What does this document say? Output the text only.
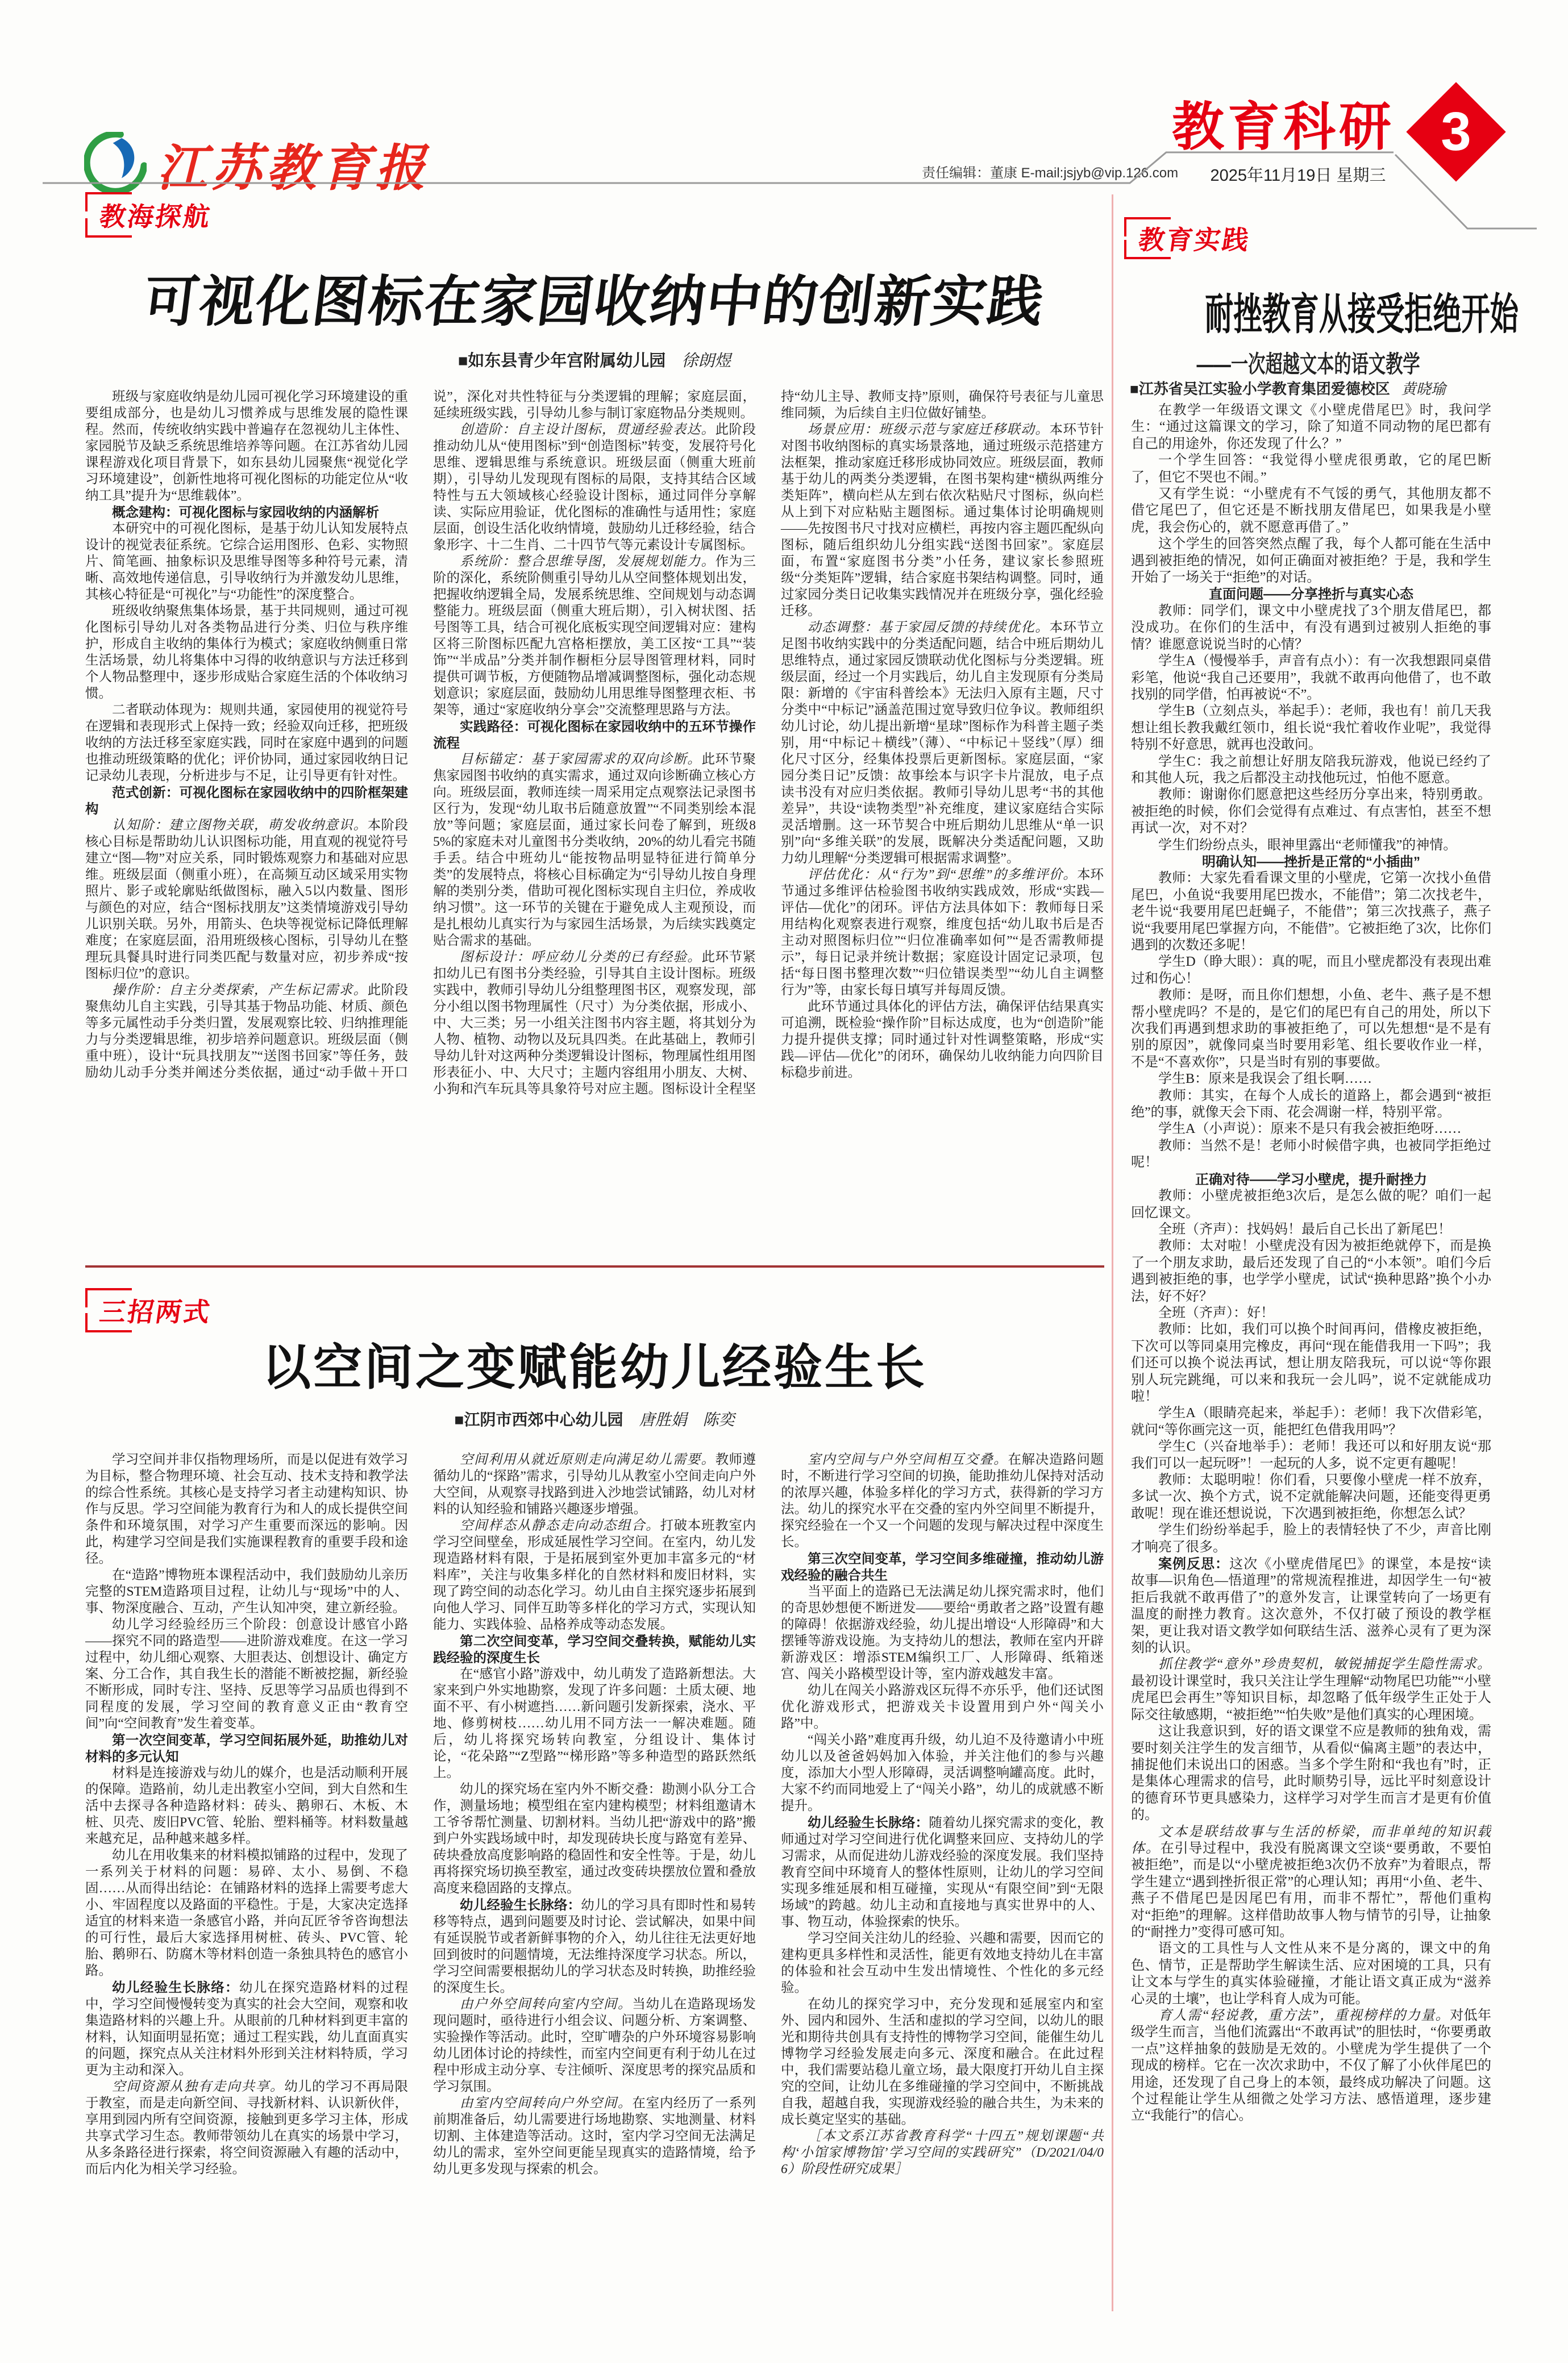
江苏教育报	责任编辑：董康 E-mail:jsjyb@vip.126.com
教育科研 3
2025年11月19日 星期三
教海探航
可视化图标在家园收纳中的创新实践
■如东县青少年宫附属幼儿园 徐朗煜

班级与家庭收纳是幼儿园可视化学习环境建设的重要组成部分，也是幼儿习惯养成与思维发展的隐性课程。然而，传统收纳实践中普遍存在忽视幼儿主体性、家园脱节及缺乏系统思维培养等问题。在江苏省幼儿园课程游戏化项目背景下，如东县幼儿园聚焦“视觉化学习环境建设”，创新性地将可视化图标的功能定位从“收纳工具”提升为“思维载体”。

概念建构：可视化图标与家园收纳的内涵解析

本研究中的可视化图标，是基于幼儿认知发展特点设计的视觉表征系统。它综合运用图形、色彩、实物照片、简笔画、抽象标识及思维导图等多种符号元素，清晰、高效地传递信息，引导收纳行为并激发幼儿思维，其核心特征是“可视化”与“功能性”的深度整合。

班级收纳聚焦集体场景，基于共同规则，通过可视化图标引导幼儿对各类物品进行分类、归位与秩序维护，形成自主收纳的集体行为模式；家庭收纳侧重日常生活场景，幼儿将集体中习得的收纳意识与方法迁移到个人物品整理中，逐步形成贴合家庭生活的个体收纳习惯。

二者联动体现为：规则共通，家园使用的视觉符号在逻辑和表现形式上保持一致；经验双向迁移，把班级收纳的方法迁移至家庭实践，同时在家庭中遇到的问题也推动班级策略的优化；评价协同，通过家园收纳日记记录幼儿表现，分析进步与不足，让引导更有针对性。

范式创新：可视化图标在家园收纳中的四阶框架建构

认知阶：建立图物关联，萌发收纳意识。本阶段核心目标是帮助幼儿认识图标功能，用直观的视觉符号建立“图—物”对应关系，同时锻炼观察力和基础对应思维。班级层面（侧重小班），在高频互动区域采用实物照片、影子或轮廓贴纸做图标，融入5以内数量、图形与颜色的对应，结合“图标找朋友”这类情境游戏引导幼儿识别关联。另外，用箭头、色块等视觉标记降低理解难度；在家庭层面，沿用班级核心图标，引导幼儿在整理玩具餐具时进行同类匹配与数量对应，初步养成“按图标归位”的意识。

操作阶：自主分类探索，产生标记需求。此阶段聚焦幼儿自主实践，引导其基于物品功能、材质、颜色等多元属性动手分类归置，发展观察比较、归纳推理能力与分类逻辑思维，初步培养问题意识。班级层面（侧重中班），设计“玩具找朋友”“送图书回家”等任务，鼓励幼儿动手分类并阐述分类依据，通过“动手做＋开口说”，深化对共性特征与分类逻辑的理解；家庭层面，延续班级实践，引导幼儿参与制订家庭物品分类规则。

创造阶：自主设计图标，贯通经验表达。此阶段推动幼儿从“使用图标”到“创造图标”转变，发展符号化思维、逻辑思维与系统意识。班级层面（侧重大班前期），引导幼儿发现现有图标的局限，支持其结合区域特性与五大领域核心经验设计图标，通过同伴分享解读、实际应用验证，优化图标的准确性与适用性；家庭层面，创设生活化收纳情境，鼓励幼儿迁移经验，结合象形字、十二生肖、二十四节气等元素设计专属图标。

系统阶：整合思维导图，发展规划能力。作为三阶的深化，系统阶侧重引导幼儿从空间整体规划出发，把握收纳逻辑全局，发展系统思维、空间规划与动态调整能力。班级层面（侧重大班后期），引入树状图、括号图等工具，结合可视化底板实现空间逻辑对应：建构区将三阶图标匹配九宫格柜摆放，美工区按“工具”“装饰”“半成品”分类并制作橱柜分层导图管理材料，同时提供可调节板，方便随物品增减调整图标，强化动态规划意识；家庭层面，鼓励幼儿用思维导图整理衣柜、书架等，通过“家庭收纳分享会”交流整理思路与方法。

实践路径：可视化图标在家园收纳中的五环节操作流程

目标锚定：基于家园需求的双向诊断。此环节聚焦家园图书收纳的真实需求，通过双向诊断确立核心方向。班级层面，教师连续一周采用定点观察法记录图书区行为，发现“幼儿取书后随意放置”“不同类别绘本混放”等问题；家庭层面，通过家长问卷了解到，班级85%的家庭未对儿童图书分类收纳，20%的幼儿看完书随手丢。结合中班幼儿“能按物品明显特征进行简单分类”的发展特点，将核心目标确定为“引导幼儿按自身理解的类别分类，借助可视化图标实现自主归位，养成收纳习惯”。这一环节的关键在于避免成人主观预设，而是扎根幼儿真实行为与家园生活场景，为后续实践奠定贴合需求的基础。

图标设计：呼应幼儿分类的已有经验。此环节紧扣幼儿已有图书分类经验，引导其自主设计图标。班级实践中，教师引导幼儿分组整理图书区，观察发现，部分小组以图书物理属性（尺寸）为分类依据，形成小、中、大三类；另一小组关注图书内容主题，将其划分为人物、植物、动物以及玩具四类。在此基础上，教师引导幼儿针对这两种分类逻辑设计图标，物理属性组用图形表征小、中、大尺寸；主题内容组用小朋友、大树、小狗和汽车玩具等具象符号对应主题。图标设计全程坚持“幼儿主导、教师支持”原则，确保符号表征与儿童思维同频，为后续自主归位做好铺垫。

场景应用：班级示范与家庭迁移联动。本环节针对图书收纳图标的真实场景落地，通过班级示范搭建方法框架，推动家庭迁移形成协同效应。班级层面，教师基于幼儿的两类分类逻辑，在图书架构建“横纵两维分类矩阵”，横向栏从左到右依次粘贴尺寸图标，纵向栏从上到下对应粘贴主题图标。通过集体讨论明确规则——先按图书尺寸找对应横栏，再按内容主题匹配纵向图标，随后组织幼儿分组实践“送图书回家”。家庭层面，布置“家庭图书分类”小任务，建议家长参照班级“分类矩阵”逻辑，结合家庭书架结构调整。同时，通过家园分类日记收集实践情况并在班级分享，强化经验迁移。

动态调整：基于家园反馈的持续优化。本环节立足图书收纳实践中的分类适配问题，结合中班后期幼儿思维特点，通过家园反馈联动优化图标与分类逻辑。班级层面，经过一个月实践后，幼儿自主发现原有分类局限：新增的《宇宙科普绘本》无法归入原有主题，尺寸分类中“中标记”涵盖范围过宽导致归位争议。教师组织幼儿讨论，幼儿提出新增“星球”图标作为科普主题子类别，用“中标记＋横线”（薄）、“中标记＋竖线”（厚）细化尺寸区分，经集体投票后更新图标。家庭层面，“家园分类日记”反馈：故事绘本与识字卡片混放，电子点读书没有对应归类依据。教师引导幼儿思考“书的其他差异”，共设“读物类型”补充维度，建议家庭结合实际灵活增删。这一环节契合中班后期幼儿思维从“单一识别”向“多维关联”的发展，既解决分类适配问题，又助力幼儿理解“分类逻辑可根据需求调整”。

评估优化：从“行为”到“思维”的多维评价。本环节通过多维评估检验图书收纳实践成效，形成“实践—评估—优化”的闭环。评估方法具体如下：教师每日采用结构化观察表进行观察，维度包括“幼儿取书后是否主动对照图标归位”“归位准确率如何”“是否需教师提示”，每日记录并统计数据；家庭设计固定记录项，包括“每日图书整理次数”“归位错误类型”“幼儿自主调整行为”等，由家长每日填写并每周反馈。

此环节通过具体化的评估方法，确保评估结果真实可追溯，既检验“操作阶”目标达成度，也为“创造阶”能力提升提供支撑；同时通过针对性调整策略，形成“实践—评估—优化”的闭环，确保幼儿收纳能力向四阶目标稳步前进。

教育实践
耐挫教育从接受拒绝开始
——一次超越文本的语文教学
■江苏省吴江实验小学教育集团爱德校区 黄晓瑜

在教学一年级语文课文《小壁虎借尾巴》时，我问学生：“通过这篇课文的学习，除了知道不同动物的尾巴都有自己的用途外，你还发现了什么？”

一个学生回答：“我觉得小壁虎很勇敢，它的尾巴断了，但它不哭也不闹。”

又有学生说：“小壁虎有不气馁的勇气，其他朋友都不借它尾巴了，但它还是不断找朋友借尾巴，如果我是小壁虎，我会伤心的，就不愿意再借了。”

这个学生的回答突然点醒了我，每个人都可能在生活中遇到被拒绝的情况，如何正确面对被拒绝？于是，我和学生开始了一场关于“拒绝”的对话。

直面问题——分享挫折与真实心态

教师：同学们，课文中小壁虎找了3个朋友借尾巴，都没成功。在你们的生活中，有没有遇到过被别人拒绝的事情？谁愿意说说当时的心情？

学生A（慢慢举手，声音有点小）：有一次我想跟同桌借彩笔，他说“我自己还要用”，我就不敢再向他借了，也不敢找别的同学借，怕再被说“不”。

学生B（立刻点头，举起手）：老师，我也有！前几天我想让组长教我戴红领巾，组长说“我忙着收作业呢”，我觉得特别不好意思，就再也没敢问。

学生C：我之前想让好朋友陪我玩游戏，他说已经约了和其他人玩，我之后都没主动找他玩过，怕他不愿意。

教师：谢谢你们愿意把这些经历分享出来，特别勇敢。被拒绝的时候，你们会觉得有点难过、有点害怕，甚至不想再试一次，对不对？

学生们纷纷点头，眼神里露出“老师懂我”的神情。

明确认知——挫折是正常的“小插曲”

教师：大家先看看课文里的小壁虎，它第一次找小鱼借尾巴，小鱼说“我要用尾巴拨水，不能借”；第二次找老牛，老牛说“我要用尾巴赶蝇子，不能借”；第三次找燕子，燕子说“我要用尾巴掌握方向，不能借”。它被拒绝了3次，比你们遇到的次数还多呢！

学生D（睁大眼）：真的呢，而且小壁虎都没有表现出难过和伤心！

教师：是呀，而且你们想想，小鱼、老牛、燕子是不想帮小壁虎吗？不是的，是它们的尾巴有自己的用处，所以下次我们再遇到想求助的事被拒绝了，可以先想想“是不是有别的原因”，就像同桌当时要用彩笔、组长要收作业一样，不是“不喜欢你”，只是当时有别的事要做。

学生B：原来是我误会了组长啊……

教师：其实，在每个人成长的道路上，都会遇到“被拒绝”的事，就像天会下雨、花会凋谢一样，特别平常。

学生A（小声说）：原来不是只有我会被拒绝呀……

教师：当然不是！老师小时候借字典，也被同学拒绝过呢！

正确对待——学习小壁虎，提升耐挫力

教师：小壁虎被拒绝3次后，是怎么做的呢？咱们一起回忆课文。

全班（齐声）：找妈妈！最后自己长出了新尾巴！

教师：太对啦！小壁虎没有因为被拒绝就停下，而是换了一个朋友求助，最后还发现了自己的“小本领”。咱们今后遇到被拒绝的事，也学学小壁虎，试试“换种思路”换个小办法，好不好？

全班（齐声）：好！

教师：比如，我们可以换个时间再问，借橡皮被拒绝，下次可以等同桌用完橡皮，再问“现在能借我用一下吗”；我们还可以换个说法再试，想让朋友陪我玩，可以说“等你跟别人玩完跳绳，可以来和我玩一会儿吗”，说不定就能成功啦！

学生A（眼睛亮起来，举起手）：老师！我下次借彩笔，就问“等你画完这一页，能把红色借我用吗”？

学生C（兴奋地举手）：老师！我还可以和好朋友说“那我们可以一起玩呀”！一起玩的人多，说不定更有趣呢！

教师：太聪明啦！你们看，只要像小壁虎一样不放弃，多试一次、换个方式，说不定就能解决问题，还能变得更勇敢呢！现在谁还想说说，下次遇到被拒绝，你想怎么试？

学生们纷纷举起手，脸上的表情轻快了不少，声音比刚才响亮了很多。

案例反思：这次《小壁虎借尾巴》的课堂，本是按“读故事—识角色—悟道理”的常规流程推进，却因学生一句“被拒后我就不敢再借了”的意外发言，让课堂转向了一场更有温度的耐挫力教育。这次意外，不仅打破了预设的教学框架，更让我对语文教学如何联结生活、滋养心灵有了更为深刻的认识。

抓住教学“意外”珍贵契机，敏锐捕捉学生隐性需求。最初设计课堂时，我只关注让学生理解“动物尾巴功能”“小壁虎尾巴会再生”等知识目标，却忽略了低年级学生正处于人际交往敏感期，“被拒绝”“怕失败”是他们真实的心理困境。

这让我意识到，好的语文课堂不应是教师的独角戏，需要时刻关注学生的发言细节，从看似“偏离主题”的表达中，捕捉他们未说出口的困惑。当多个学生附和“我也有”时，正是集体心理需求的信号，此时顺势引导，远比平时刻意设计的德育环节更具感染力，这样学习对学生而言才是更有价值的。

文本是联结故事与生活的桥梁，而非单纯的知识载体。在引导过程中，我没有脱离课文空谈“要勇敢，不要怕被拒绝”，而是以“小壁虎被拒绝3次仍不放弃”为着眼点，帮学生建立“遇到挫折很正常”的心理认知；再用“小鱼、老牛、燕子不借尾巴是因尾巴有用，而非不帮忙”，帮他们重构对“拒绝”的理解。这样借助故事人物与情节的引导，让抽象的“耐挫力”变得可感可知。

语文的工具性与人文性从来不是分离的，课文中的角色、情节，正是帮助学生解读生活、应对困境的工具，只有让文本与学生的真实体验碰撞，才能让语文真正成为“滋养心灵的土壤”，也让学科育人成为可能。

育人需“轻说教，重方法”，重视榜样的力量。对低年级学生而言，当他们流露出“不敢再试”的胆怯时，“你要勇敢一点”这样抽象的鼓励是无效的。小壁虎为学生提供了一个现成的榜样。它在一次次求助中，不仅了解了小伙伴尾巴的用途，还发现了自己身上的本领，最终成功解决了问题。这个过程能让学生从细微之处学习方法、感悟道理，逐步建立“我能行”的信心。

三招两式
以空间之变赋能幼儿经验生长
■江阴市西郊中心幼儿园 唐胜娟　陈奕

学习空间并非仅指物理场所，而是以促进有效学习为目标，整合物理环境、社会互动、技术支持和教学法的综合性系统。其核心是支持学习者主动建构知识、协作与反思。学习空间能为教育行为和人的成长提供空间条件和环境氛围，对学习产生重要而深远的影响。因此，构建学习空间是我们实施课程教育的重要手段和途径。

在“造路”博物班本课程活动中，我们鼓励幼儿亲历完整的STEM造路项目过程，让幼儿与“现场”中的人、事、物深度融合、互动，产生认知冲突，建立新经验。

幼儿学习经验经历三个阶段：创意设计感官小路——探究不同的路造型——进阶游戏难度。在这一学习过程中，幼儿细心观察、大胆表达、创想设计、确定方案、分工合作，其自我生长的潜能不断被挖掘，新经验不断形成，同时专注、坚持、反思等学习品质也得到不同程度的发展，学习空间的教育意义正由“教育空间”向“空间教育”发生着变革。

第一次空间变革，学习空间拓展外延，助推幼儿对材料的多元认知

材料是连接游戏与幼儿的媒介，也是活动顺利开展的保障。造路前，幼儿走出教室小空间，到大自然和生活中去探寻各种造路材料：砖头、鹅卵石、木板、木桩、贝壳、废旧PVC管、轮胎、塑料桶等。材料数量越来越充足，品种越来越多样。

幼儿在用收集来的材料模拟铺路的过程中，发现了一系列关于材料的问题：易碎、太小、易倒、不稳固……从而得出结论：在铺路材料的选择上需要考虑大小、牢固程度以及路面的平稳性。于是，大家决定选择适宜的材料来造一条感官小路，并向瓦匠爷爷咨询想法的可行性，最后大家选择用树桩、砖头、PVC管、轮胎、鹅卵石、防腐木等材料创造一条独具特色的感官小路。

幼儿经验生长脉络：幼儿在探究造路材料的过程中，学习空间慢慢转变为真实的社会大空间，观察和收集造路材料的兴趣上升。从眼前的几种材料到更丰富的材料，认知面明显拓宽；通过工程实践，幼儿直面真实的问题，探究点从关注材料外形到关注材料特质，学习更为主动和深入。

空间资源从独有走向共享。幼儿的学习不再局限于教室，而是走向新空间、寻找新材料、认识新伙伴，享用到园内所有空间资源，接触到更多学习主体，形成共享式学习生态。教师带领幼儿在真实的场景中学习，从多条路径进行探索，将空间资源融入有趣的活动中，而后内化为相关学习经验。

空间利用从就近原则走向满足幼儿需要。教师遵循幼儿的“探路”需求，引导幼儿从教室小空间走向户外大空间，从观察寻找路到进入沙地尝试铺路，幼儿对材料的认知经验和铺路兴趣逐步增强。

空间样态从静态走向动态组合。打破本班教室内学习空间壁垒，形成延展性学习空间。在室内，幼儿发现造路材料有限，于是拓展到室外更加丰富多元的“材料库”，关注与收集多样化的自然材料和废旧材料，实现了跨空间的动态化学习。幼儿由自主探究逐步拓展到向他人学习、同伴互助等多样化的学习方式，实现认知能力、实践体验、品格养成等动态发展。

第二次空间变革，学习空间交叠转换，赋能幼儿实践经验的深度生长

在“感官小路”游戏中，幼儿萌发了造路新想法。大家来到户外实地勘察，发现了许多问题：土质太硬、地面不平、有小树遮挡……新问题引发新探索，浇水、平地、修剪树枝……幼儿用不同方法一一解决难题。随后，幼儿将探究场转向教室，分组设计、集体讨论，“花朵路”“Z型路”“梯形路”等多种造型的路跃然纸上。

幼儿的探究场在室内外不断交叠：勘测小队分工合作，测量场地；模型组在室内建构模型；材料组邀请木工爷爷帮忙测量、切割材料。当幼儿把“游戏中的路”搬到户外实践场域中时，却发现砖块长度与路宽有差异、砖块叠放高度影响路的稳固性和安全性等。于是，幼儿再将探究场切换至教室，通过改变砖块摆放位置和叠放高度来稳固路的支撑点。

幼儿经验生长脉络：幼儿的学习具有即时性和易转移等特点，遇到问题要及时讨论、尝试解决，如果中间有延误脱节或者新鲜事物的介入，幼儿往往无法更好地回到彼时的问题情境，无法维持深度学习状态。所以，学习空间需要根据幼儿的学习状态及时转换，助推经验的深度生长。

由户外空间转向室内空间。当幼儿在造路现场发现问题时，亟待进行小组会议、问题分析、方案调整、实验操作等活动。此时，空旷嘈杂的户外环境容易影响幼儿团体讨论的持续性，而室内空间更有利于幼儿在过程中形成主动分享、专注倾听、深度思考的探究品质和学习氛围。

由室内空间转向户外空间。在室内经历了一系列前期准备后，幼儿需要进行场地勘察、实地测量、材料切割、主体建造等活动。这时，室内学习空间无法满足幼儿的需求，室外空间更能呈现真实的造路情境，给予幼儿更多发现与探索的机会。

室内空间与户外空间相互交叠。在解决造路问题时，不断进行学习空间的切换，能助推幼儿保持对活动的浓厚兴趣，体验多样化的学习方式，获得新的学习方法。幼儿的探究水平在交叠的室内外空间里不断提升，探究经验在一个又一个问题的发现与解决过程中深度生长。

第三次空间变革，学习空间多维碰撞，推动幼儿游戏经验的融合共生

当平面上的造路已无法满足幼儿探究需求时，他们的奇思妙想便不断迸发——要给“勇敢者之路”设置有趣的障碍！依据游戏经验，幼儿提出增设“人形障碍”和大摆锤等游戏设施。为支持幼儿的想法，教师在室内开辟新游戏区：增添STEM编织工厂、人形障碍、纸箱迷宫、闯关小路模型设计等，室内游戏越发丰富。

幼儿在闯关小路游戏区玩得不亦乐乎，他们还试图优化游戏形式，把游戏关卡设置用到户外“闯关小路”中。

“闯关小路”难度再升级，幼儿迫不及待邀请小中班幼儿以及爸爸妈妈加入体验，并关注他们的参与兴趣度，添加大小型人形障碍，灵活调整响罐高度。此时，大家不约而同地爱上了“闯关小路”，幼儿的成就感不断提升。

幼儿经验生长脉络：随着幼儿探究需求的变化，教师通过对学习空间进行优化调整来回应、支持幼儿的学习需求，从而促进幼儿游戏经验的深度发展。我们坚持教育空间中环境育人的整体性原则，让幼儿的学习空间实现多维延展和相互碰撞，实现从“有限空间”到“无限场域”的跨越。幼儿主动和直接地与真实世界中的人、事、物互动，体验探索的快乐。

学习空间关注幼儿的经验、兴趣和需要，因而它的建构更具多样性和灵活性，能更有效地支持幼儿在丰富的体验和社会互动中生发出情境性、个性化的多元经验。

在幼儿的探究学习中，充分发现和延展室内和室外、园内和园外、生活和虚拟的学习空间，以幼儿的眼光和期待共创具有支持性的博物学习空间，能催生幼儿博物学习经验发展走向多元、深度和融合。在此过程中，我们需要站稳儿童立场，最大限度打开幼儿自主探究的空间，让幼儿在多维碰撞的学习空间中，不断挑战自我，超越自我，实现游戏经验的融合共生，为未来的成长奠定坚实的基础。

［本文系江苏省教育科学“十四五”规划课题“共构‘小馆家博物馆’学习空间的实践研究”（D/2021/04/06）阶段性研究成果］
